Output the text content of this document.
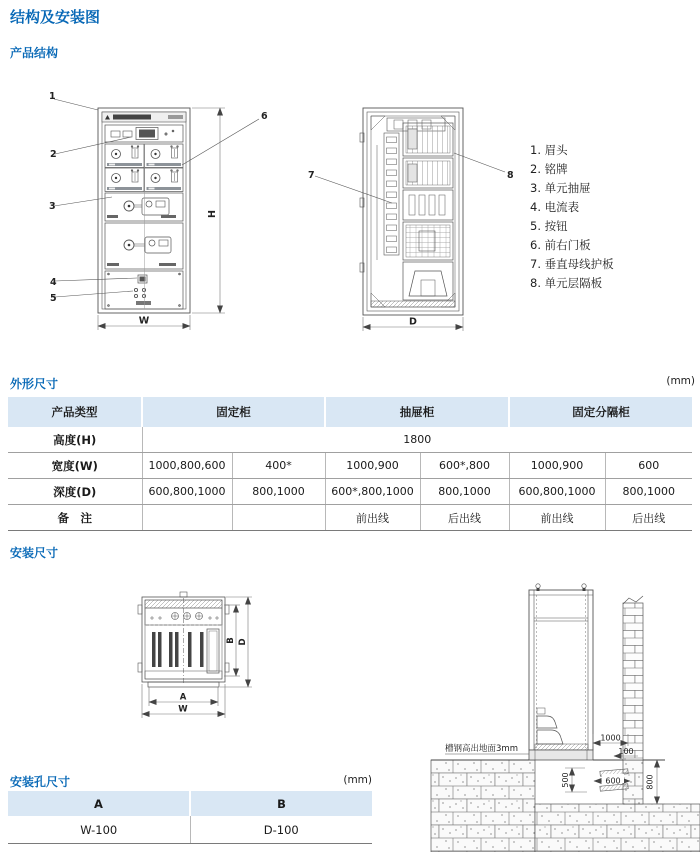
结构及安装图
产品结构
H
W
1
2
3
4
5
6
7	8
D
1. 眉头
2. 铭牌
3. 单元抽屉
4. 电流表
5. 按钮
6. 前右门板
7. 垂直母线护板
8. 单元层隔板
外形尺寸	(mm)
产品类型	固定柜		抽屉柜		固定分隔柜	
高度(H)	1800					
宽度(W)	1000,800,600	400*	1000,900	600*,800	1000,900	600
深度(D)	600,800,1000	800,1000	600*,800,1000	800,1000	600,800,1000	800,1000
备　注			前出线	后出线	前出线	后出线
安装尺寸
A
W
B D
1000
100
500	600	800
槽钢高出地面3mm
安装孔尺寸	(mm)
A	B
W-100	D-100
